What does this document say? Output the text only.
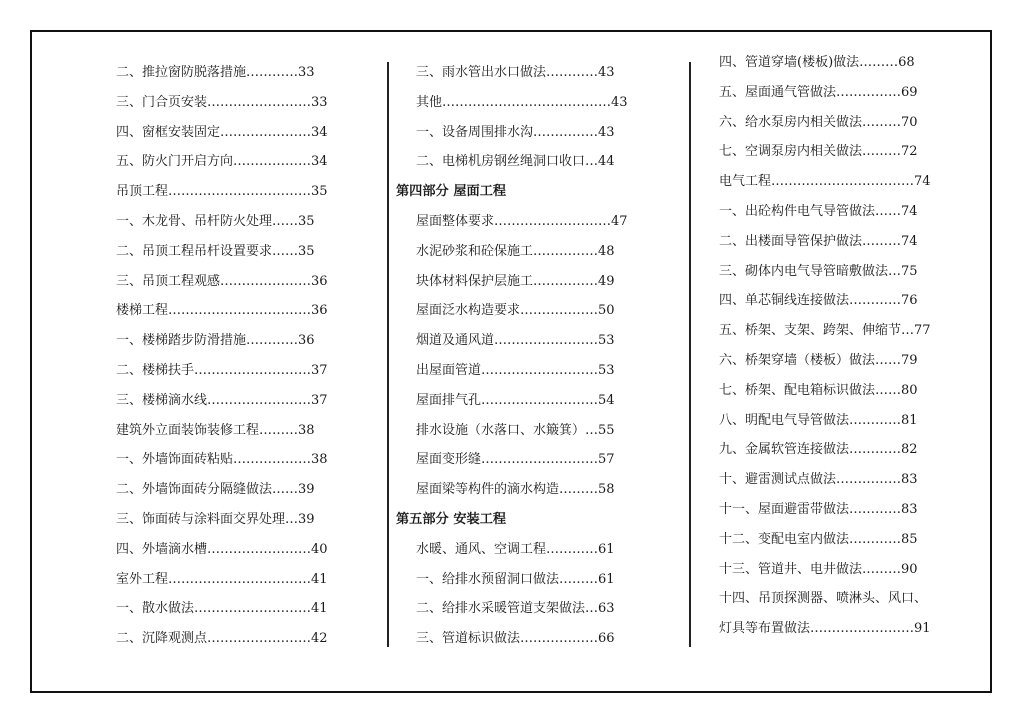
二、推拉窗防脱落措施…………33
三、门合页安装……………………33
四、窗框安装固定…………………34
五、防火门开启方向………………34
吊顶工程……………………………35
一、木龙骨、吊杆防火处理……35
二、吊顶工程吊杆设置要求……35
三、吊顶工程观感…………………36
楼梯工程……………………………36
一、楼梯踏步防滑措施…………36
二、楼梯扶手………………………37
三、楼梯滴水线……………………37
建筑外立面装饰装修工程………38
一、外墙饰面砖粘贴………………38
二、外墙饰面砖分隔缝做法……39
三、饰面砖与涂料面交界处理…39
四、外墙滴水槽……………………40
室外工程……………………………41
一、散水做法………………………41
二、沉降观测点……………………42
三、雨水管出水口做法…………43
其他…………………………………43
一、设备周围排水沟……………43
二、电梯机房钢丝绳洞口收口…44
第四部分 屋面工程
屋面整体要求………………………47
水泥砂浆和砼保施工……………48
块体材料保护层施工……………49
屋面泛水构造要求………………50
烟道及通风道……………………53
出屋面管道………………………53
屋面排气孔………………………54
排水设施（水落口、水簸箕）…55
屋面变形缝………………………57
屋面梁等构件的滴水构造………58
第五部分 安装工程
水暖、通风、空调工程…………61
一、给排水预留洞口做法………61
二、给排水采暖管道支架做法…63
三、管道标识做法………………66
四、管道穿墙(楼板)做法………68
五、屋面通气管做法……………69
六、给水泵房内相关做法………70
七、空调泵房内相关做法………72
电气工程……………………………74
一、出砼构件电气导管做法……74
二、出楼面导管保护做法………74
三、砌体内电气导管暗敷做法…75
四、单芯铜线连接做法…………76
五、桥架、支架、跨架、伸缩节…77
六、桥架穿墙（楼板）做法……79
七、桥架、配电箱标识做法……80
八、明配电气导管做法…………81
九、金属软管连接做法…………82
十、避雷测试点做法……………83
十一、屋面避雷带做法…………83
十二、变配电室内做法…………85
十三、管道井、电井做法………90
十四、吊顶探测器、喷淋头、风口、
灯具等布置做法……………………91
